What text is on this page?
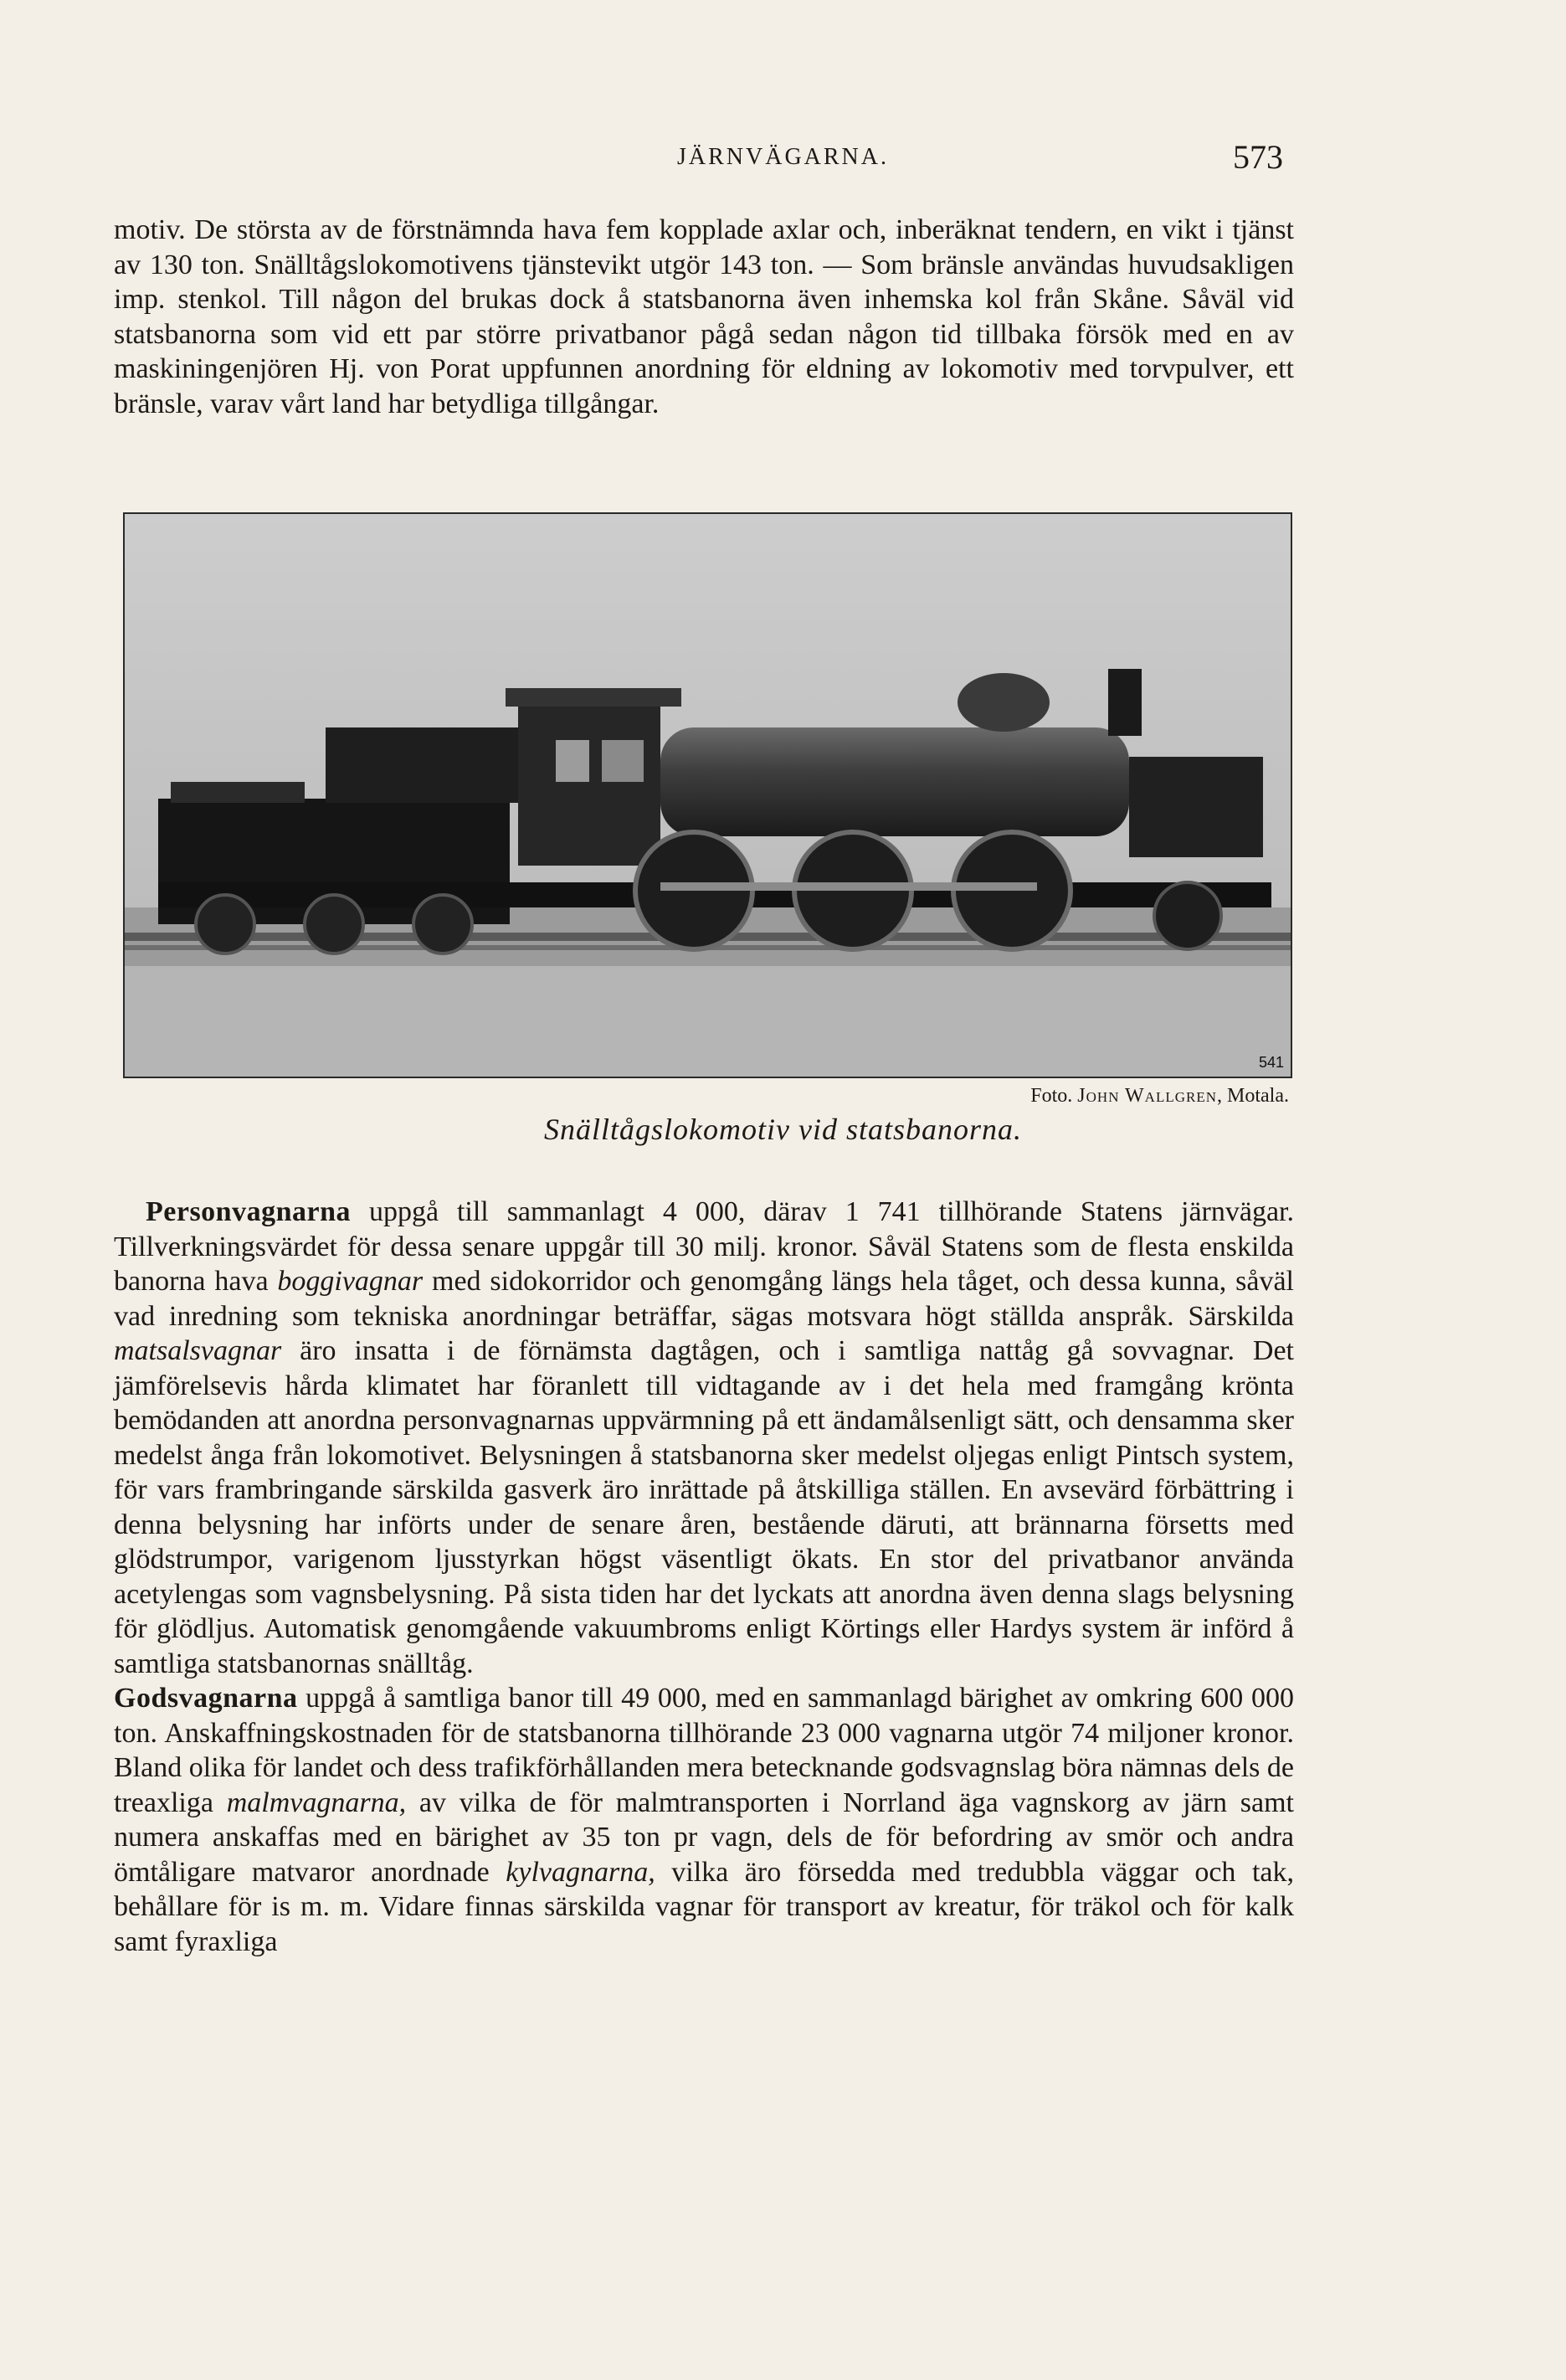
JÄRNVÄGARNA.	573

motiv. De största av de förstnämnda hava fem kopplade axlar och, inberäknat tendern, en vikt i tjänst av 130 ton. Snälltågslokomotivens tjänstevikt utgör 143 ton. — Som bränsle användas huvudsakligen imp. stenkol. Till någon del brukas dock å statsbanorna även inhemska kol från Skåne. Såväl vid statsbanorna som vid ett par större privatbanor pågå sedan någon tid tillbaka försök med en av maskiningenjören Hj. von Porat uppfunnen anordning för eldning av lokomotiv med torvpulver, ett bränsle, varav vårt land har betydliga tillgångar.

541
Foto. John Wallgren, Motala.
Snälltågslokomotiv vid statsbanorna.

Personvagnarna uppgå till sammanlagt 4 000, därav 1 741 tillhörande Statens järnvägar. Tillverkningsvärdet för dessa senare uppgår till 30 milj. kronor. Såväl Statens som de flesta enskilda banorna hava boggivagnar med sidokorridor och genomgång längs hela tåget, och dessa kunna, såväl vad inredning som tekniska anordningar beträffar, sägas motsvara högt ställda anspråk. Särskilda matsalsvagnar äro insatta i de förnämsta dagtågen, och i samtliga nattåg gå sovvagnar. Det jämförelsevis hårda klimatet har föranlett till vidtagande av i det hela med framgång krönta bemödanden att anordna personvagnarnas uppvärmning på ett ändamålsenligt sätt, och densamma sker medelst ånga från lokomotivet. Belysningen å statsbanorna sker medelst oljegas enligt Pintsch system, för vars frambringande särskilda gasverk äro inrättade på åtskilliga ställen. En avsevärd förbättring i denna belysning har införts under de senare åren, bestående däruti, att brännarna försetts med glödstrumpor, varigenom ljusstyrkan högst väsentligt ökats. En stor del privatbanor använda acetylengas som vagnsbelysning. På sista tiden har det lyckats att anordna även denna slags belysning för glödljus. Automatisk genomgående vakuumbroms enligt Körtings eller Hardys system är införd å samtliga statsbanornas snälltåg.

Godsvagnarna uppgå å samtliga banor till 49 000, med en sammanlagd bärighet av omkring 600 000 ton. Anskaffningskostnaden för de statsbanorna tillhörande 23 000 vagnarna utgör 74 miljoner kronor. Bland olika för landet och dess trafikförhållanden mera betecknande godsvagnslag böra nämnas dels de treaxliga malmvagnarna, av vilka de för malmtransporten i Norrland äga vagnskorg av järn samt numera anskaffas med en bärighet av 35 ton pr vagn, dels de för befordring av smör och andra ömtåligare matvaror anordnade kylvagnarna, vilka äro försedda med tredubbla väggar och tak, behållare för is m. m. Vidare finnas särskilda vagnar för transport av kreatur, för träkol och för kalk samt fyraxliga
